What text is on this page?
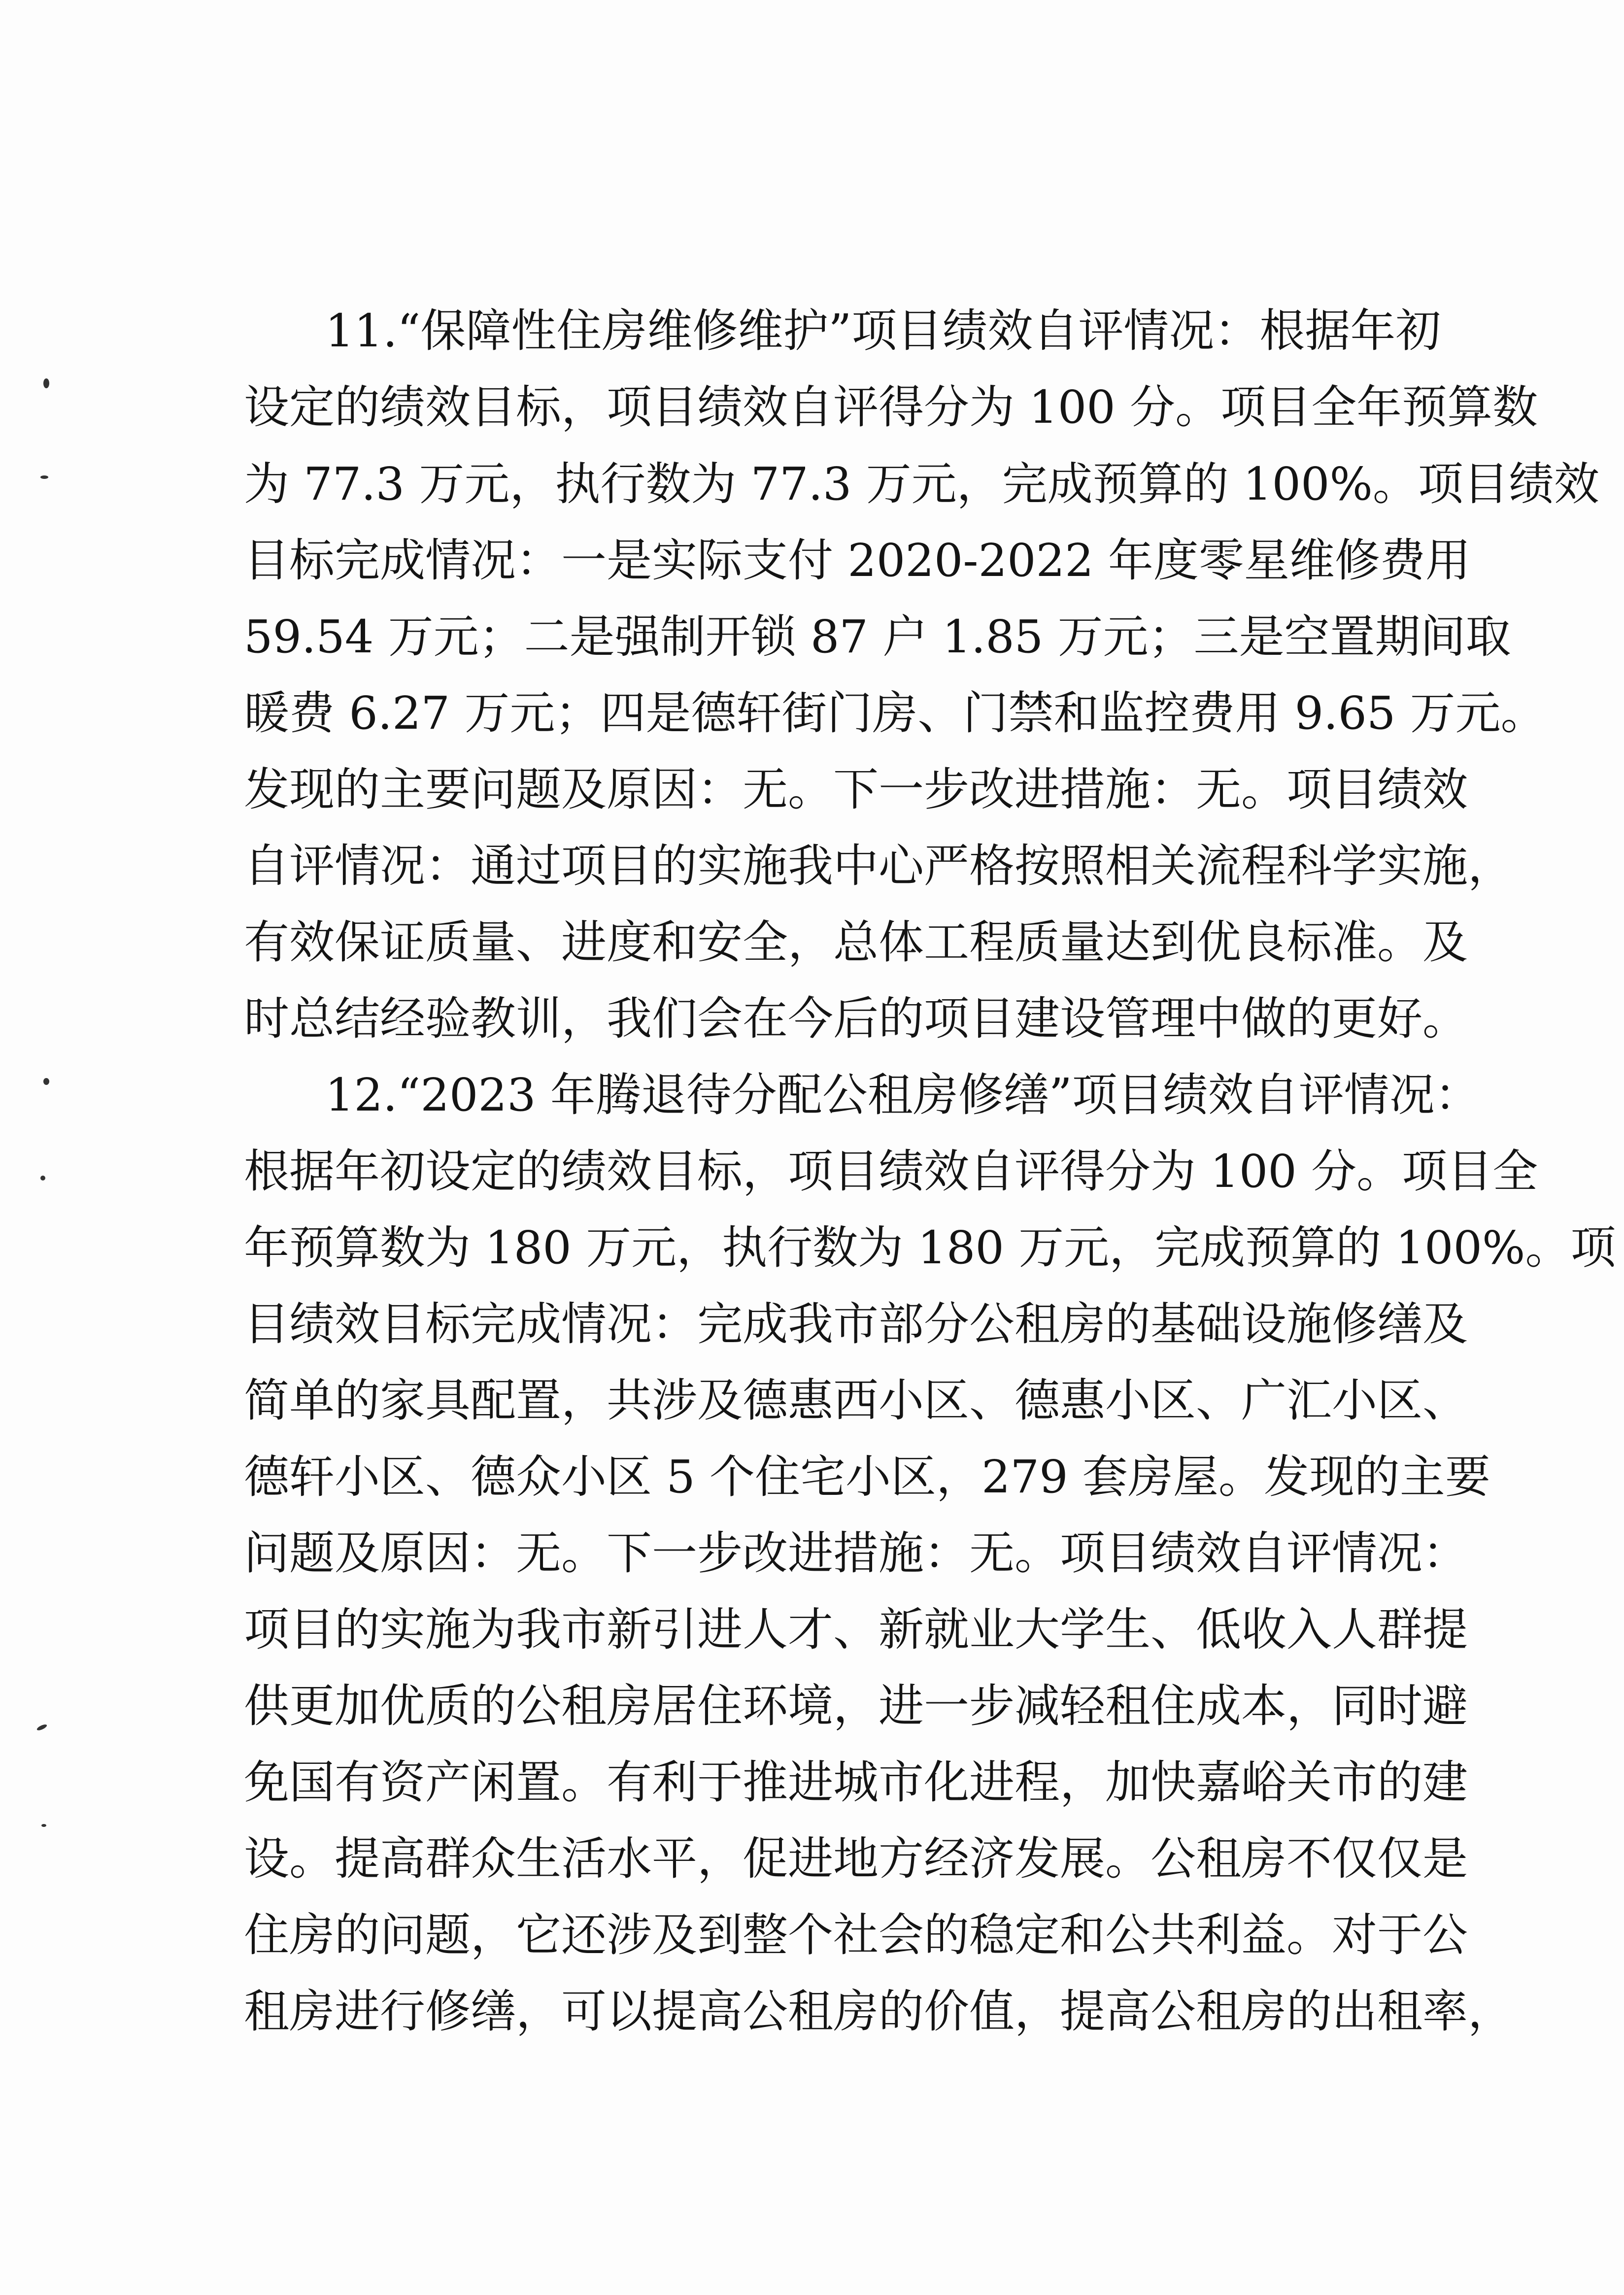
11.“保障性住房维修维护”项目绩效自评情况：根据年初
设定的绩效目标，项目绩效自评得分为 100 分。项目全年预算数
为 77.3 万元，执行数为 77.3 万元，完成预算的 100%。项目绩效
目标完成情况：一是实际支付 2020-2022 年度零星维修费用
59.54 万元；二是强制开锁 87 户 1.85 万元；三是空置期间取
暖费 6.27 万元；四是德轩街门房、门禁和监控费用 9.65 万元。
发现的主要问题及原因：无。下一步改进措施：无。项目绩效
自评情况：通过项目的实施我中心严格按照相关流程科学实施，
有效保证质量、进度和安全，总体工程质量达到优良标准。及
时总结经验教训，我们会在今后的项目建设管理中做的更好。
12.“2023 年腾退待分配公租房修缮”项目绩效自评情况：
根据年初设定的绩效目标，项目绩效自评得分为 100 分。项目全
年预算数为 180 万元，执行数为 180 万元，完成预算的 100%。项
目绩效目标完成情况：完成我市部分公租房的基础设施修缮及
简单的家具配置，共涉及德惠西小区、德惠小区、广汇小区、
德轩小区、德众小区 5 个住宅小区，279 套房屋。发现的主要
问题及原因：无。下一步改进措施：无。项目绩效自评情况：
项目的实施为我市新引进人才、新就业大学生、低收入人群提
供更加优质的公租房居住环境，进一步减轻租住成本，同时避
免国有资产闲置。有利于推进城市化进程，加快嘉峪关市的建
设。提高群众生活水平，促进地方经济发展。公租房不仅仅是
住房的问题，它还涉及到整个社会的稳定和公共利益。对于公
租房进行修缮，可以提高公租房的价值，提高公租房的出租率，
